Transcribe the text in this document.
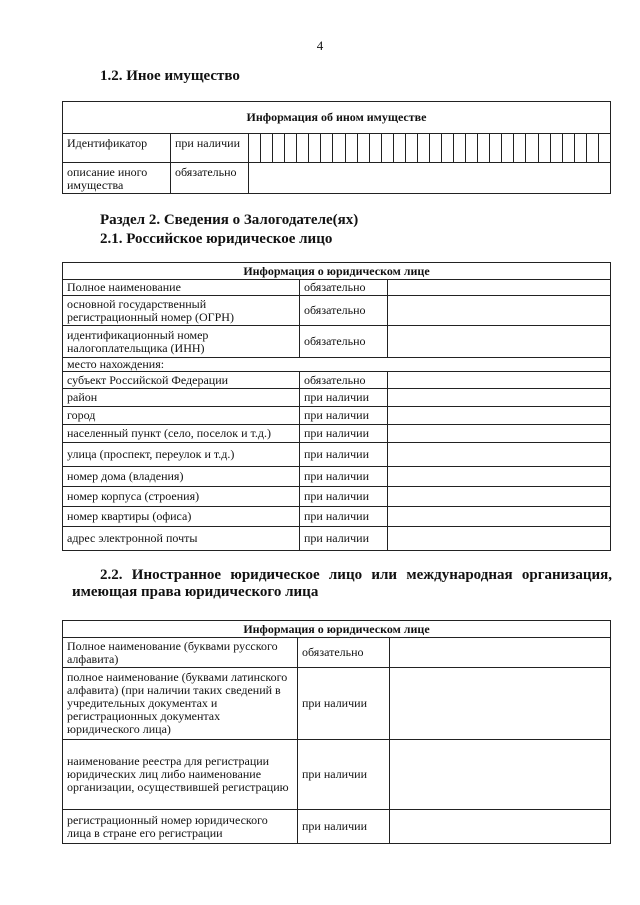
4
1.2. Иное имущество
Информация об ином имуществе		
Идентификатор	при наличии	

описание иного имущества	обязательно	
Раздел 2. Сведения о Залогодателе(ях)
2.1. Российское юридическое лицо
Информация о юридическом лице		
Полное наименование	обязательно	
основной государственный регистрационный номер (ОГРН)	обязательно	
идентификационный номер налогоплательщика (ИНН)	обязательно	
место нахождения:		
субъект Российской Федерации	обязательно	
район	при наличии	
город	при наличии	
населенный пункт (село, поселок и т.д.)	при наличии	
улица (проспект, переулок и т.д.)	при наличии	
номер дома (владения)	при наличии	
номер корпуса (строения)	при наличии	
номер квартиры (офиса)	при наличии	
адрес электронной почты	при наличии	
2.2. Иностранное юридическое лицо или международная организация, имеющая права юридического лица
Информация о юридическом лице		
Полное наименование (буквами русского алфавита)	обязательно	
полное наименование (буквами латинского алфавита) (при наличии таких сведений в учредительных документах и регистрационных документах юридического лица)	при наличии	
наименование реестра для регистрации юридических лиц либо наименование организации, осуществившей регистрацию	при наличии	
регистрационный номер юридического лица в стране его регистрации	при наличии	
